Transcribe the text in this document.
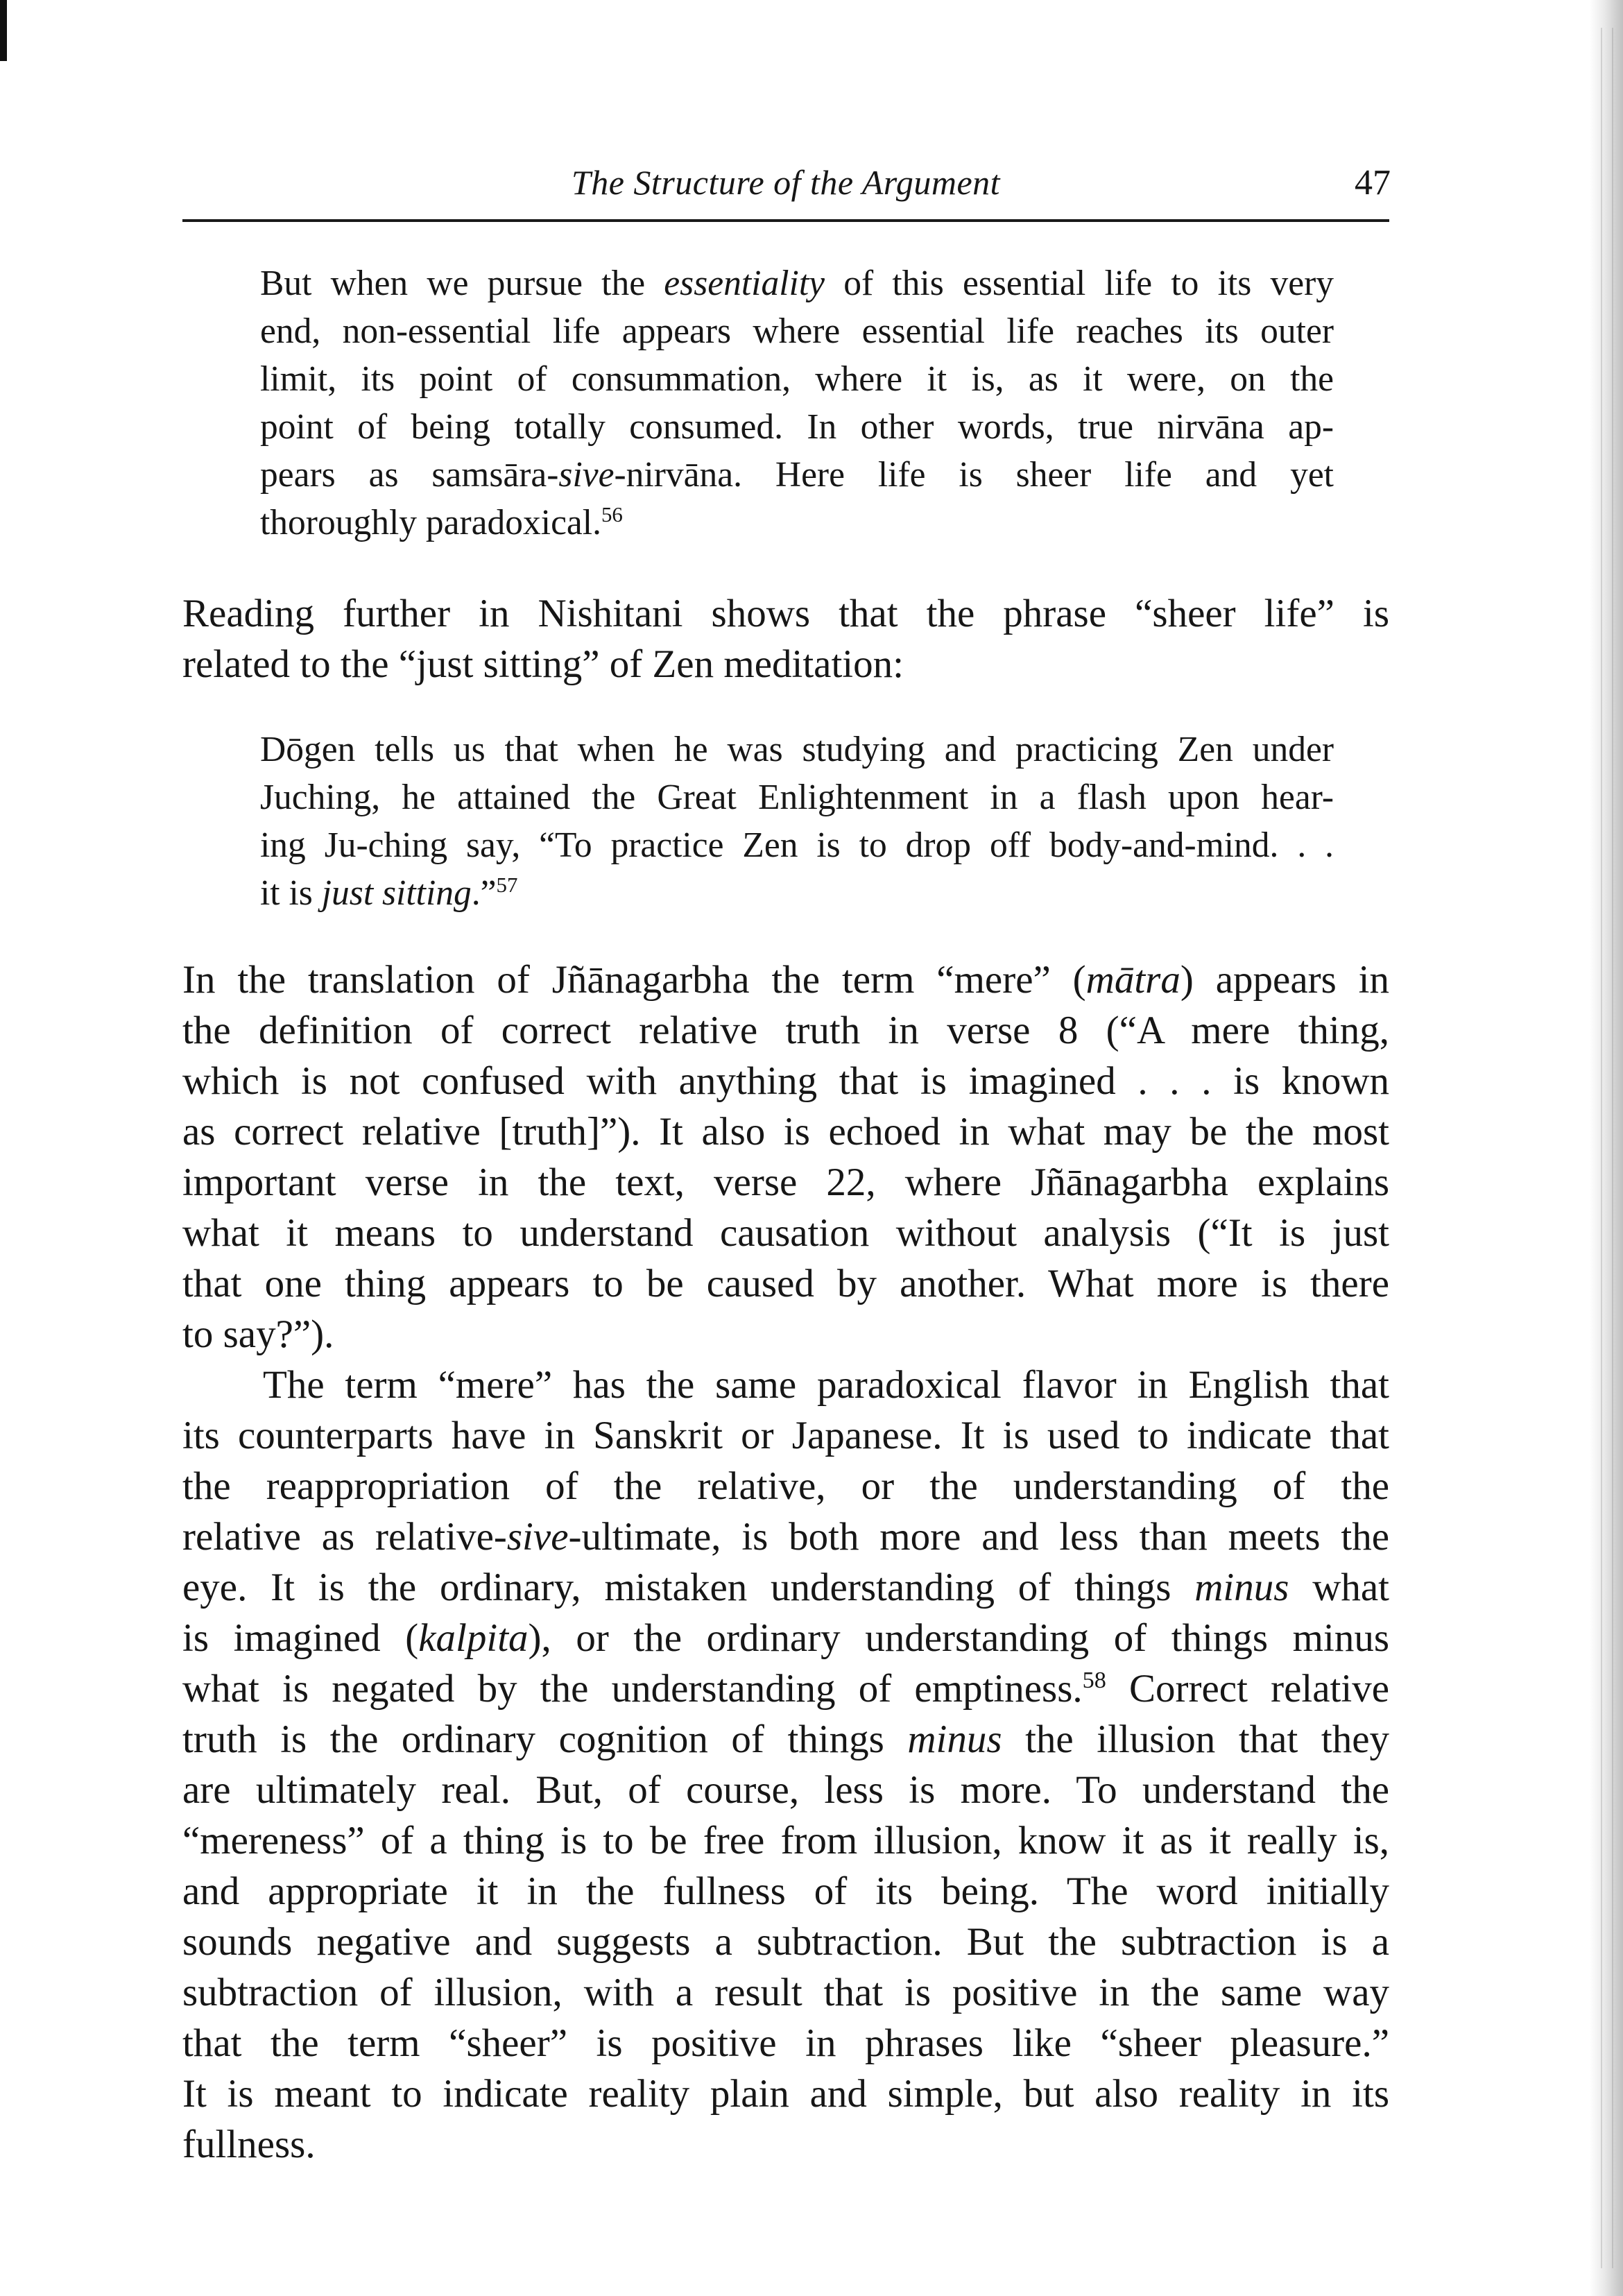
The Structure of the Argument	47
But when we pursue the essentiality of this essential life to its very
end, non-essential life appears where essential life reaches its outer
limit, its point of consummation, where it is, as it were, on the
point of being totally consumed. In other words, true nirvāna ap-
pears as samsāra-sive-nirvāna. Here life is sheer life and yet
thoroughly paradoxical.$^{56}$
Reading further in Nishitani shows that the phrase “sheer life” is
related to the “just sitting” of Zen meditation:
Dōgen tells us that when he was studying and practicing Zen under
Juching, he attained the Great Enlightenment in a flash upon hear-
ing Ju-ching say, “To practice Zen is to drop off body-and-mind. . .
it is just sitting.”$^{57}$
In the translation of Jñānagarbha the term “mere” (mātra) appears in
the definition of correct relative truth in verse 8 (“A mere thing,
which is not confused with anything that is imagined . . . is known
as correct relative [truth]”). It also is echoed in what may be the most
important verse in the text, verse 22, where Jñānagarbha explains
what it means to understand causation without analysis (“It is just
that one thing appears to be caused by another. What more is there
to say?”).
The term “mere” has the same paradoxical flavor in English that
its counterparts have in Sanskrit or Japanese. It is used to indicate that
the reappropriation of the relative, or the understanding of the
relative as relative-sive-ultimate, is both more and less than meets the
eye. It is the ordinary, mistaken understanding of things minus what
is imagined (kalpita), or the ordinary understanding of things minus
what is negated by the understanding of emptiness.$^{58}$ Correct relative
truth is the ordinary cognition of things minus the illusion that they
are ultimately real. But, of course, less is more. To understand the
“mereness” of a thing is to be free from illusion, know it as it really is,
and appropriate it in the fullness of its being. The word initially
sounds negative and suggests a subtraction. But the subtraction is a
subtraction of illusion, with a result that is positive in the same way
that the term “sheer” is positive in phrases like “sheer pleasure.”
It is meant to indicate reality plain and simple, but also reality in its
fullness.
